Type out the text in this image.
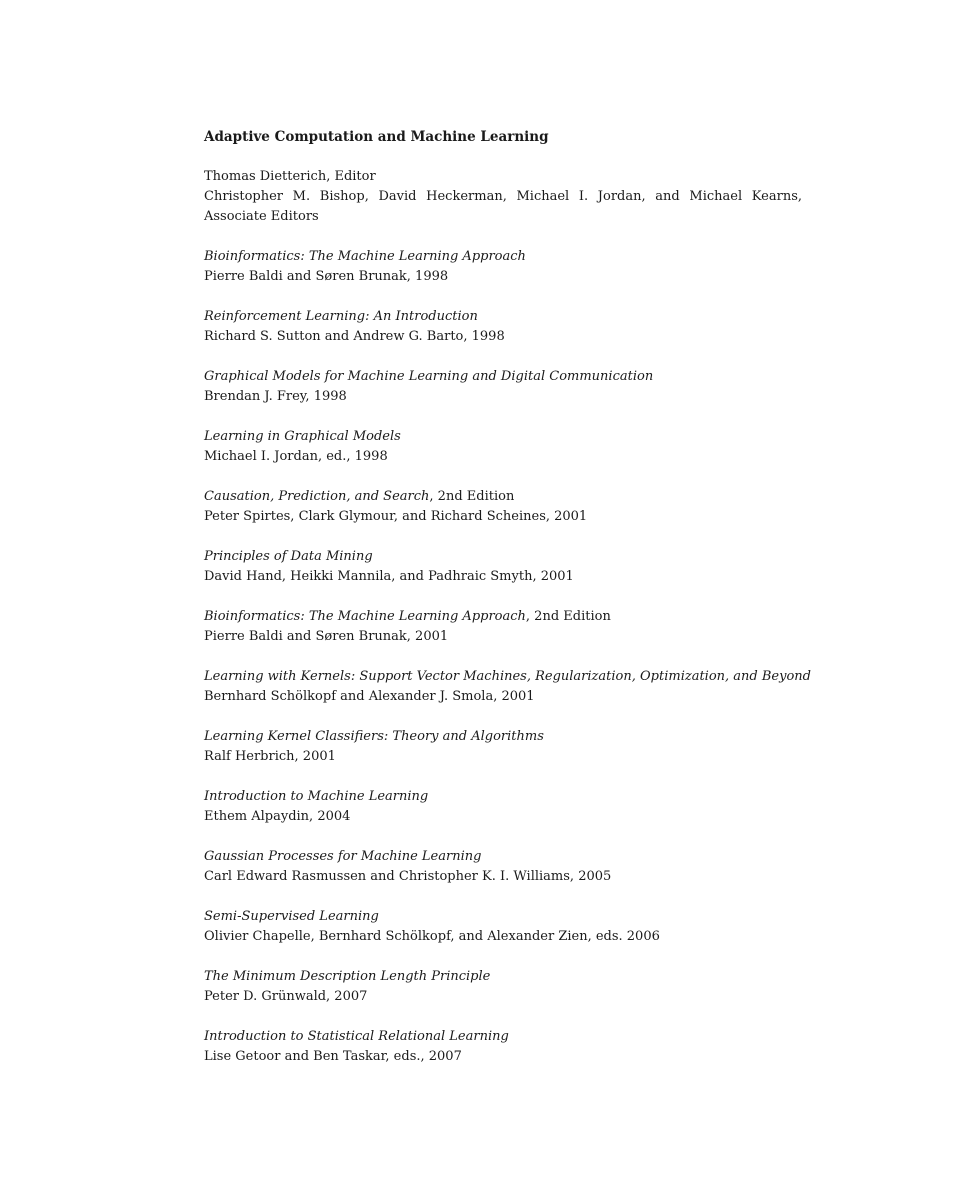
Adaptive Computation and Machine Learning
Thomas Dietterich, Editor
Christopher M. Bishop, David Heckerman, Michael I. Jordan, and Michael Kearns, Associate Editors
Bioinformatics: The Machine Learning Approach
Pierre Baldi and Søren Brunak, 1998
Reinforcement Learning: An Introduction
Richard S. Sutton and Andrew G. Barto, 1998
Graphical Models for Machine Learning and Digital Communication
Brendan J. Frey, 1998
Learning in Graphical Models
Michael I. Jordan, ed., 1998
Causation, Prediction, and Search, 2nd Edition
Peter Spirtes, Clark Glymour, and Richard Scheines, 2001
Principles of Data Mining
David Hand, Heikki Mannila, and Padhraic Smyth, 2001
Bioinformatics: The Machine Learning Approach, 2nd Edition
Pierre Baldi and Søren Brunak, 2001
Learning with Kernels: Support Vector Machines, Regularization, Optimization, and Beyond
Bernhard Schölkopf and Alexander J. Smola, 2001
Learning Kernel Classifiers: Theory and Algorithms
Ralf Herbrich, 2001
Introduction to Machine Learning
Ethem Alpaydin, 2004
Gaussian Processes for Machine Learning
Carl Edward Rasmussen and Christopher K. I. Williams, 2005
Semi-Supervised Learning
Olivier Chapelle, Bernhard Schölkopf, and Alexander Zien, eds. 2006
The Minimum Description Length Principle
Peter D. Grünwald, 2007
Introduction to Statistical Relational Learning
Lise Getoor and Ben Taskar, eds., 2007
